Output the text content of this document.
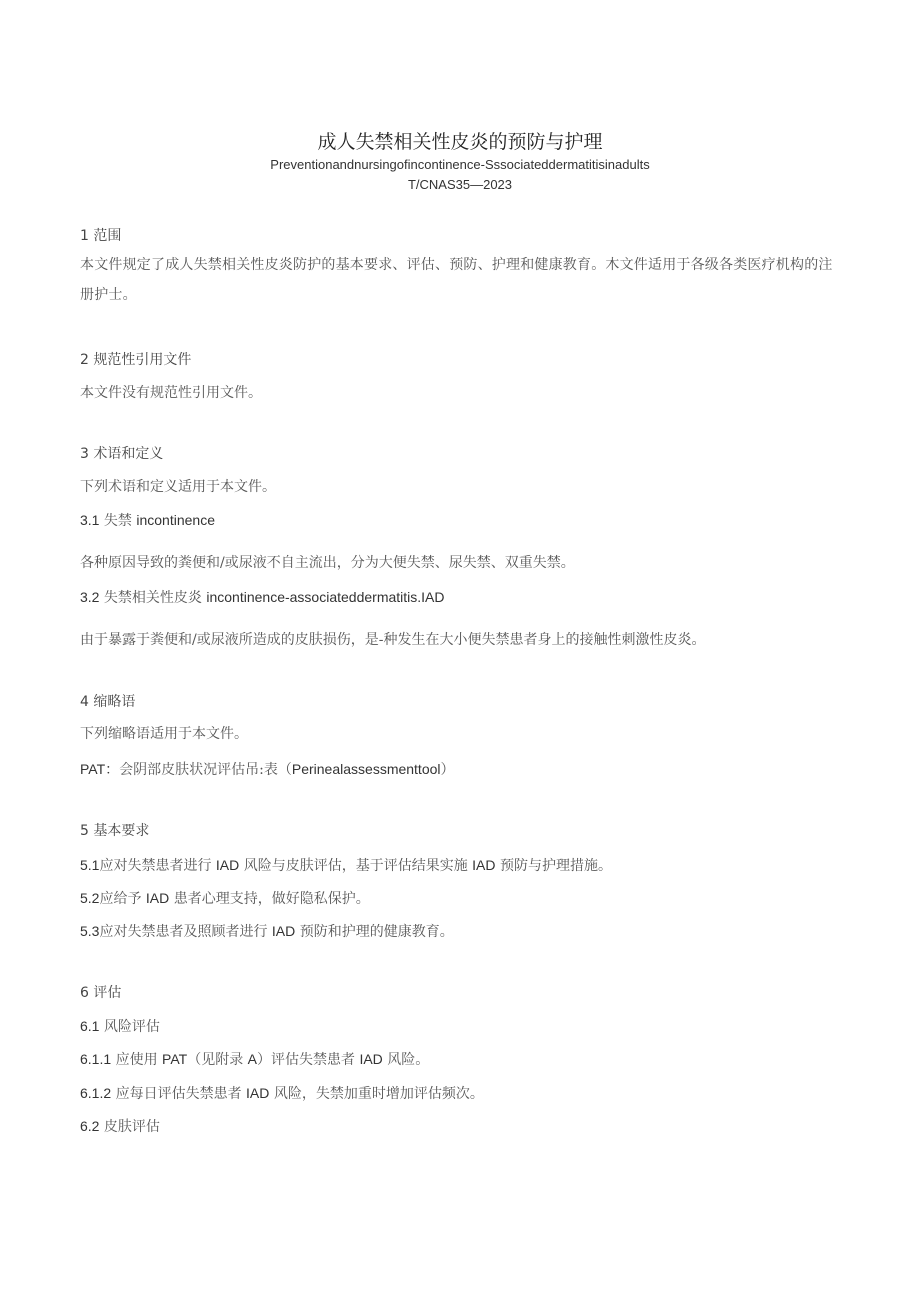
成人失禁相关性皮炎的预防与护理
Preventionandnursingofincontinence-Sssociateddermatitisinadults
T/CNAS35—2023
1 范围
本文件规定了成人失禁相关性皮炎防护的基本要求、评估、预防、护理和健康教育。木文件适用于各级各类医疗机构的注册护士。
2 规范性引用文件
本文件没有规范性引用文件。
3 术语和定义
下列术语和定义适用于本文件。
3.1 失禁 incontinence
各种原因导致的粪便和/或尿液不自主流出，分为大便失禁、尿失禁、双重失禁。
3.2 失禁相关性皮炎 incontinence-associateddermatitis.IAD
由于暴露于粪便和/或尿液所造成的皮肤损伤，是-种发生在大小便失禁患者身上的接触性刺激性皮炎。
4 缩略语
下列缩略语适用于本文件。
PAT：会阴部皮肤状况评估吊:表（Perinealassessmenttool）
5 基本要求
5.1应对失禁患者进行 IAD 风险与皮肤评估，基于评估结果实施 IAD 预防与护理措施。
5.2应给予 IAD 患者心理支持，做好隐私保护。
5.3应对失禁患者及照顾者进行 IAD 预防和护理的健康教育。
6 评估
6.1 风险评估
6.1.1 应使用 PAT（见附录 A）评估失禁患者 IAD 风险。
6.1.2 应每日评估失禁患者 IAD 风险，失禁加重时增加评估频次。
6.2 皮肤评估
